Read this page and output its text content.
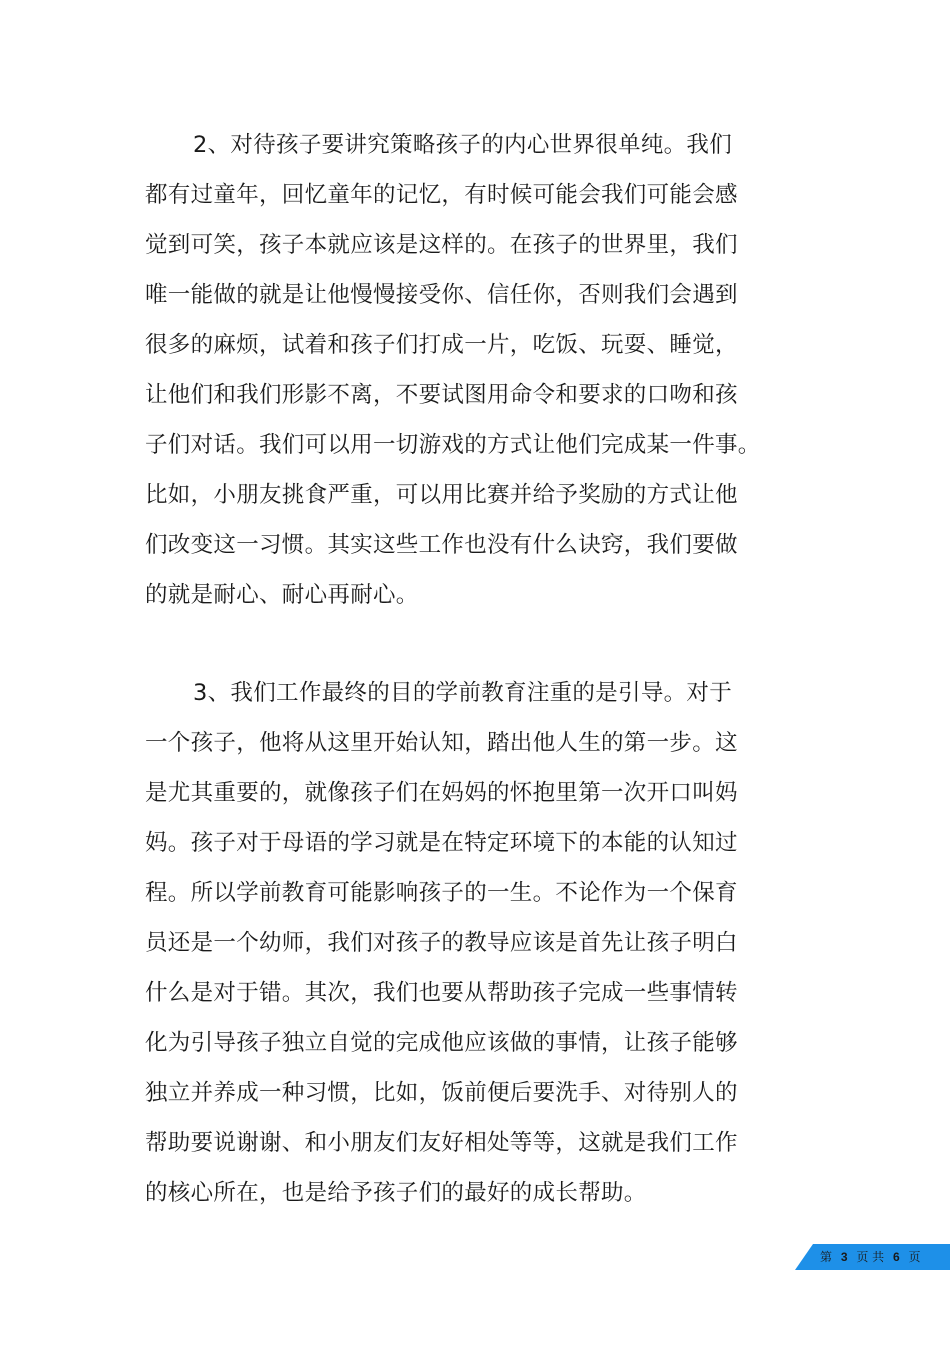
2、对待孩子要讲究策略孩子的内心世界很单纯。我们
都有过童年，回忆童年的记忆，有时候可能会我们可能会感
觉到可笑，孩子本就应该是这样的。在孩子的世界里，我们
唯一能做的就是让他慢慢接受你、信任你，否则我们会遇到
很多的麻烦，试着和孩子们打成一片，吃饭、玩耍、睡觉，
让他们和我们形影不离，不要试图用命令和要求的口吻和孩
子们对话。我们可以用一切游戏的方式让他们完成某一件事。
比如，小朋友挑食严重，可以用比赛并给予奖励的方式让他
们改变这一习惯。其实这些工作也没有什么诀窍，我们要做
的就是耐心、耐心再耐心。
3、我们工作最终的目的学前教育注重的是引导。对于
一个孩子，他将从这里开始认知，踏出他人生的第一步。这
是尤其重要的，就像孩子们在妈妈的怀抱里第一次开口叫妈
妈。孩子对于母语的学习就是在特定环境下的本能的认知过
程。所以学前教育可能影响孩子的一生。不论作为一个保育
员还是一个幼师，我们对孩子的教导应该是首先让孩子明白
什么是对于错。其次，我们也要从帮助孩子完成一些事情转
化为引导孩子独立自觉的完成他应该做的事情，让孩子能够
独立并养成一种习惯，比如，饭前便后要洗手、对待别人的
帮助要说谢谢、和小朋友们友好相处等等，这就是我们工作
的核心所在，也是给予孩子们的最好的成长帮助。
第 3 页 共 6 页
